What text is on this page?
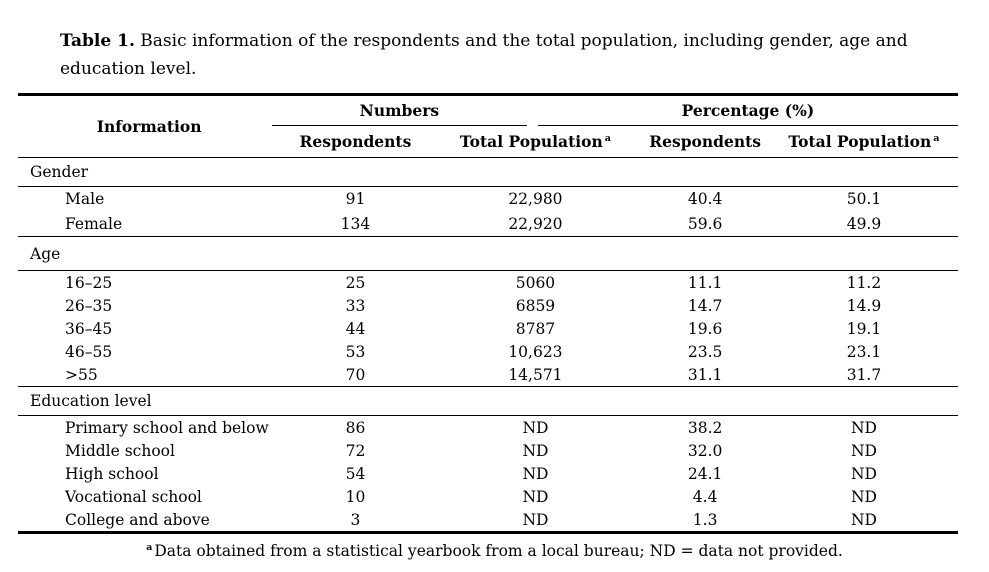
Table 1. Basic information of the respondents and the total population, including gender, age and education level.

Information
Numbers	Percentage (%)
Respondents	Total Population $^a$	Respondents	Total Population $^a$
Gender
Male	91	22,980	40.4	50.1
Female	134	22,920	59.6	49.9
Age
16–25	25	5060	11.1	11.2
26–35	33	6859	14.7	14.9
36–45	44	8787	19.6	19.1
46–55	53	10,623	23.5	23.1
>55	70	14,571	31.1	31.7
Education level
Primary school and below	86	ND	38.2	ND
Middle school	72	ND	32.0	ND
High school	54	ND	24.1	ND
Vocational school	10	ND	4.4	ND
College and above	3	ND	1.3	ND
$^a$ Data obtained from a statistical yearbook from a local bureau; ND = data not provided.
